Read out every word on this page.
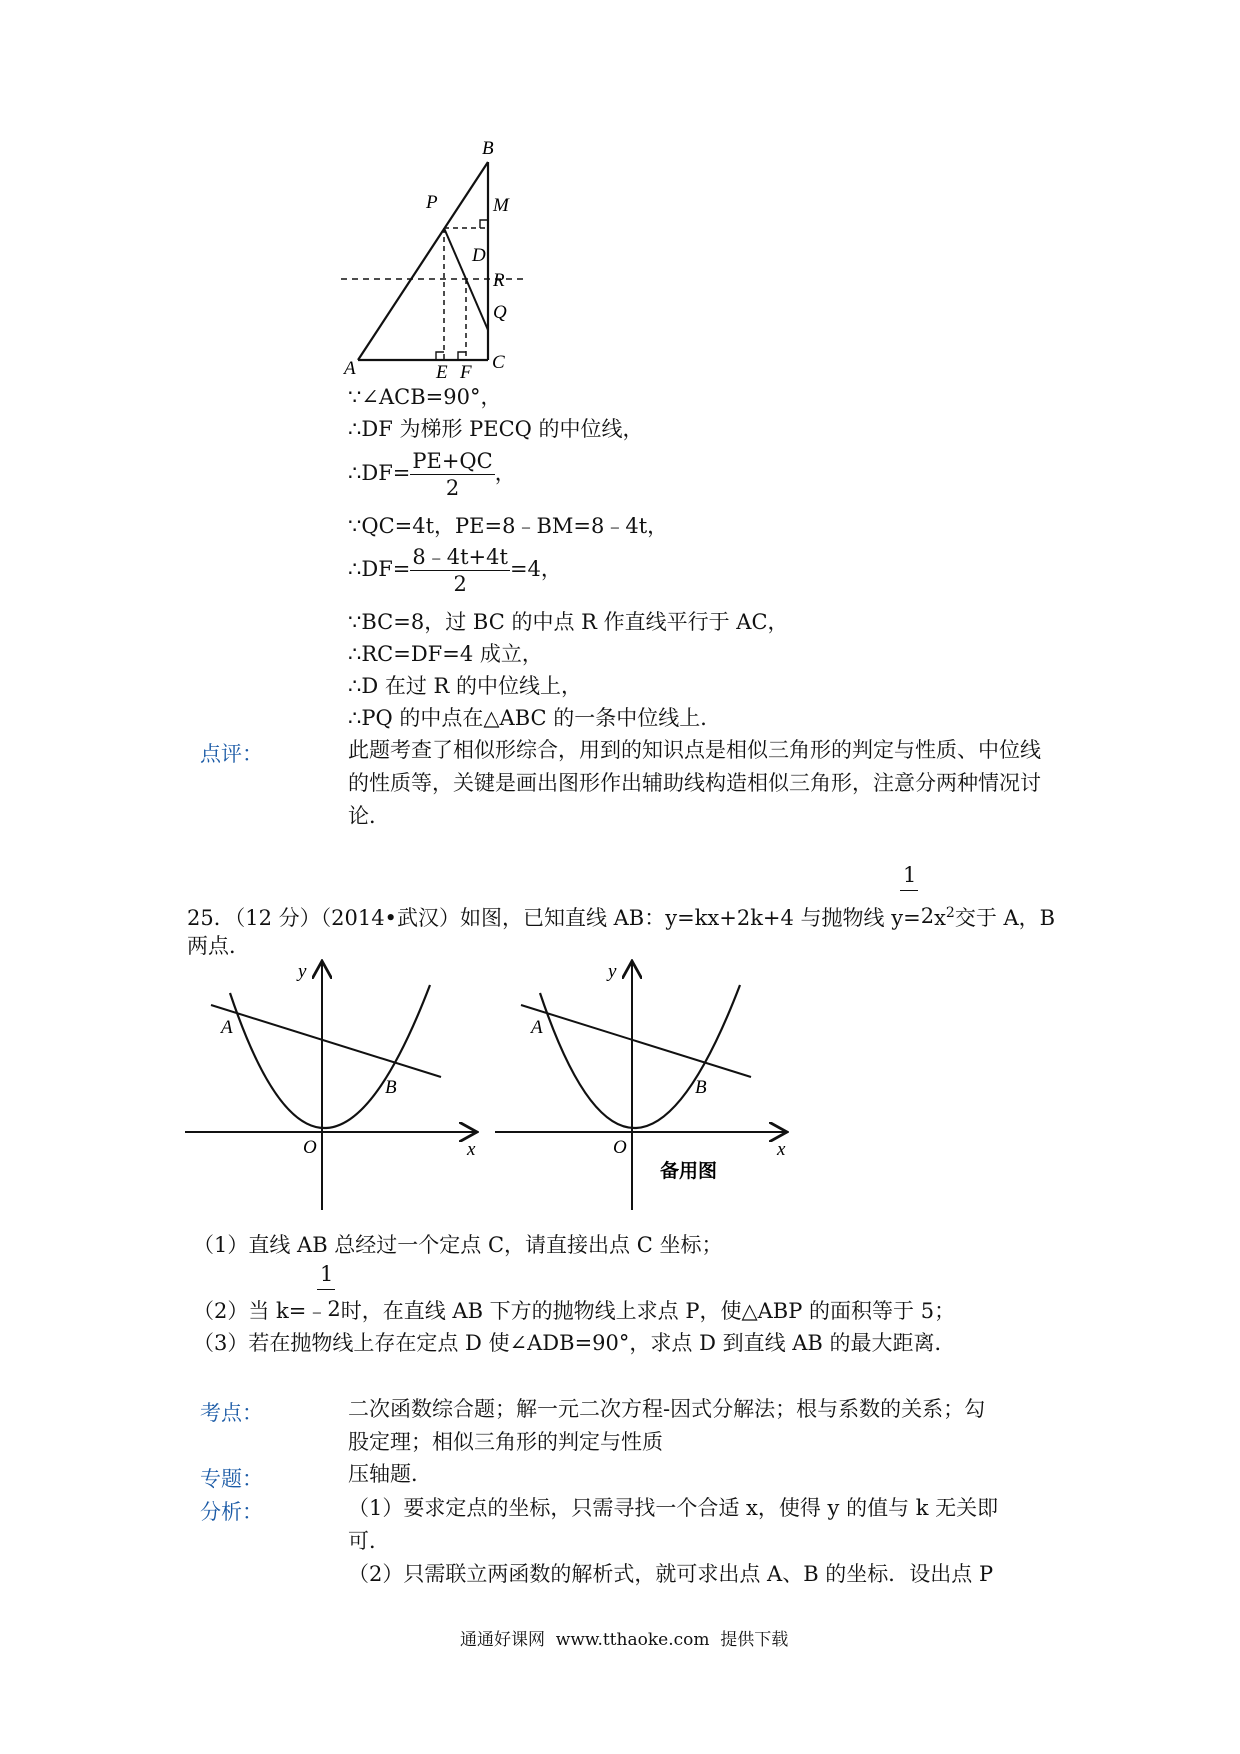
B
P	M
D
R
Q
A	E F C
∵∠ACB=90°，
∴DF 为梯形 PECQ 的中位线，
∴DF= $\frac{PE+QC}{2}$ ，
∵QC=4t，PE=8﹣BM=8﹣4t，
∴DF= $\frac{8﹣4t+4t}{2} =4$，
∵BC=8，过 BC 的中点 R 作直线平行于 AC，
∴RC=DF=4 成立，
∴D 在过 R 的中位线上，
∴PQ 的中点在△ABC 的一条中位线上．
点评：	此题考查了相似形综合，用到的知识点是相似三角形的判定与性质、中位线
的性质等，关键是画出图形作出辅助线构造相似三角形，注意分两种情况讨
论．
1
25．（12 分）（2014•武汉）如图，已知直线 AB：y=kx+2k+4 与抛物线 $y=2x^2$交于 A，B
两点．
y
x
O
A
B
y
x
O
A
B
备用图
（1）直线 AB 总经过一个定点 C，请直接出点 C 坐标；
1
（2）当 k=﹣2时，在直线 AB 下方的抛物线上求点 P，使△ABP 的面积等于 5；
（3）若在抛物线上存在定点 D 使∠ADB=90°，求点 D 到直线 AB 的最大距离．
考点：	二次函数综合题；解一元二次方程-因式分解法；根与系数的关系；勾
股定理；相似三角形的判定与性质
专题：	压轴题．
分析：	（1）要求定点的坐标，只需寻找一个合适 x，使得 y 的值与 k 无关即
可．
（2）只需联立两函数的解析式，就可求出点 A、B 的坐标．设出点 P
通通好课网  www.tthaoke.com  提供下载
